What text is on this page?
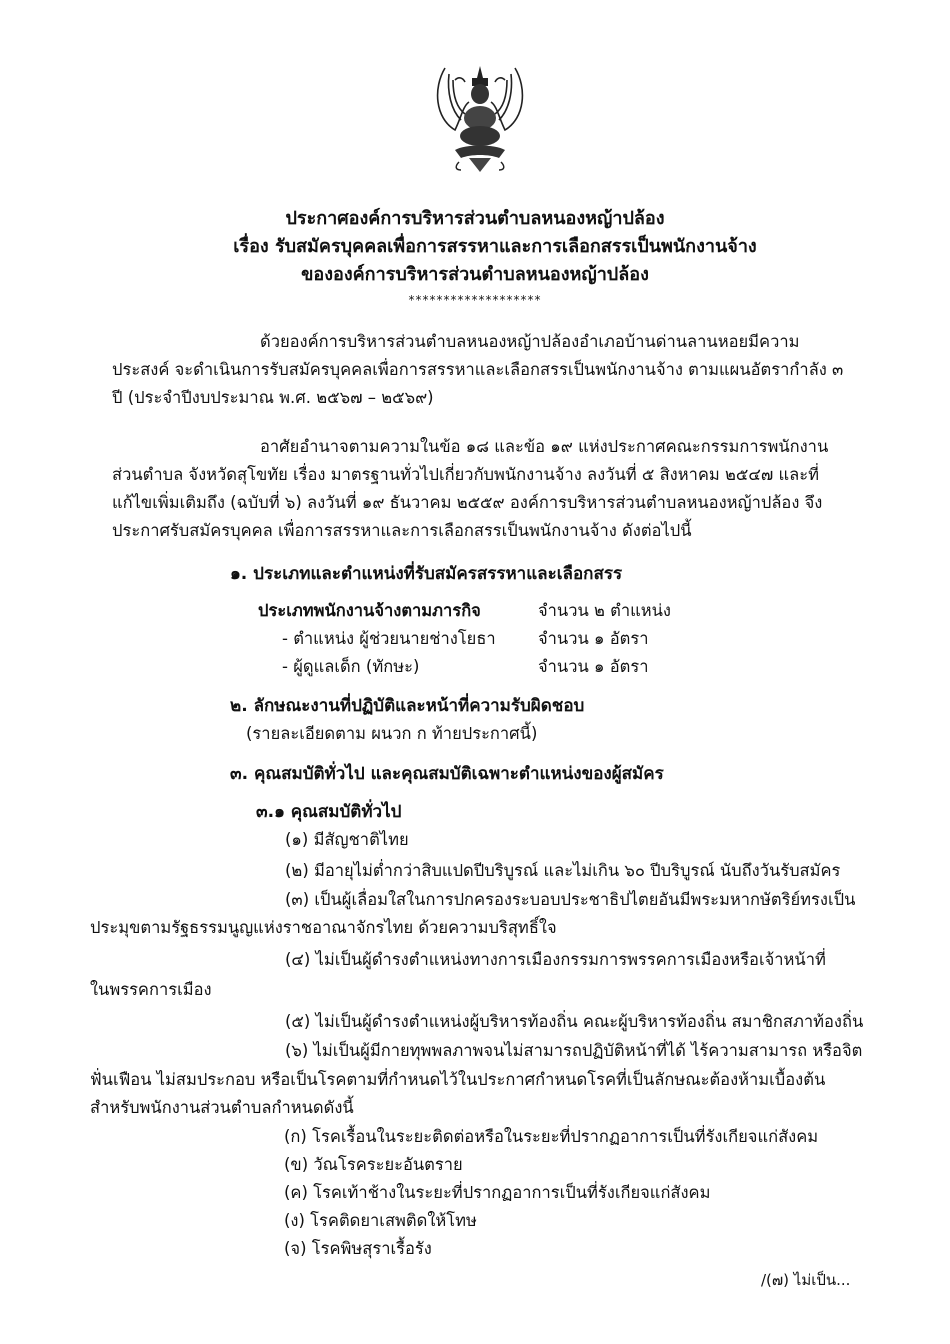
ประกาศองค์การบริหารส่วนตำบลหนองหญ้าปล้อง
เรื่อง รับสมัครบุคคลเพื่อการสรรหาและการเลือกสรรเป็นพนักงานจ้าง
ขององค์การบริหารส่วนตำบลหนองหญ้าปล้อง
*******************
ด้วยองค์การบริหารส่วนตำบลหนองหญ้าปล้องอำเภอบ้านด่านลานหอยมีความประสงค์ จะดำเนินการรับสมัครบุคคลเพื่อการสรรหาและเลือกสรรเป็นพนักงานจ้าง ตามแผนอัตรากำลัง ๓ ปี (ประจำปีงบประมาณ พ.ศ. ๒๕๖๗ – ๒๕๖๙)
อาศัยอำนาจตามความในข้อ ๑๘ และข้อ ๑๙ แห่งประกาศคณะกรรมการพนักงานส่วนตำบล จังหวัดสุโขทัย เรื่อง มาตรฐานทั่วไปเกี่ยวกับพนักงานจ้าง ลงวันที่ ๕ สิงหาคม ๒๕๔๗ และที่แก้ไขเพิ่มเติมถึง (ฉบับที่ ๖) ลงวันที่ ๑๙ ธันวาคม ๒๕๕๙ องค์การบริหารส่วนตำบลหนองหญ้าปล้อง จึงประกาศรับสมัครบุคคล เพื่อการสรรหาและการเลือกสรรเป็นพนักงานจ้าง ดังต่อไปนี้
๑. ประเภทและตำแหน่งที่รับสมัครสรรหาและเลือกสรร
ประเภทพนักงานจ้างตามภารกิจ	จำนวน ๒ ตำแหน่ง
- ตำแหน่ง ผู้ช่วยนายช่างโยธา	จำนวน ๑ อัตรา
- ผู้ดูแลเด็ก (ทักษะ)	จำนวน ๑ อัตรา
๒. ลักษณะงานที่ปฏิบัติและหน้าที่ความรับผิดชอบ
(รายละเอียดตาม ผนวก ก ท้ายประกาศนี้)
๓. คุณสมบัติทั่วไป และคุณสมบัติเฉพาะตำแหน่งของผู้สมัคร
๓.๑ คุณสมบัติทั่วไป
(๑) มีสัญชาติไทย
(๒) มีอายุไม่ต่ำกว่าสิบแปดปีบริบูรณ์ และไม่เกิน ๖๐ ปีบริบูรณ์ นับถึงวันรับสมัคร
(๓) เป็นผู้เลื่อมใสในการปกครองระบอบประชาธิปไตยอันมีพระมหากษัตริย์ทรงเป็น
ประมุขตามรัฐธรรมนูญแห่งราชอาณาจักรไทย ด้วยความบริสุทธิ์ใจ
(๔) ไม่เป็นผู้ดำรงตำแหน่งทางการเมืองกรรมการพรรคการเมืองหรือเจ้าหน้าที่
ในพรรคการเมือง
(๕) ไม่เป็นผู้ดำรงตำแหน่งผู้บริหารท้องถิ่น คณะผู้บริหารท้องถิ่น สมาชิกสภาท้องถิ่น
(๖) ไม่เป็นผู้มีกายทุพพลภาพจนไม่สามารถปฏิบัติหน้าที่ได้ ไร้ความสามารถ หรือจิต
ฟั่นเฟือน ไม่สมประกอบ หรือเป็นโรคตามที่กำหนดไว้ในประกาศกำหนดโรคที่เป็นลักษณะต้องห้ามเบื้องต้น
สำหรับพนักงานส่วนตำบลกำหนดดังนี้
(ก) โรคเรื้อนในระยะติดต่อหรือในระยะที่ปรากฏอาการเป็นที่รังเกียจแก่สังคม
(ข) วัณโรคระยะอันตราย
(ค) โรคเท้าช้างในระยะที่ปรากฏอาการเป็นที่รังเกียจแก่สังคม
(ง) โรคติดยาเสพติดให้โทษ
(จ) โรคพิษสุราเรื้อรัง
/(๗) ไม่เป็น...
